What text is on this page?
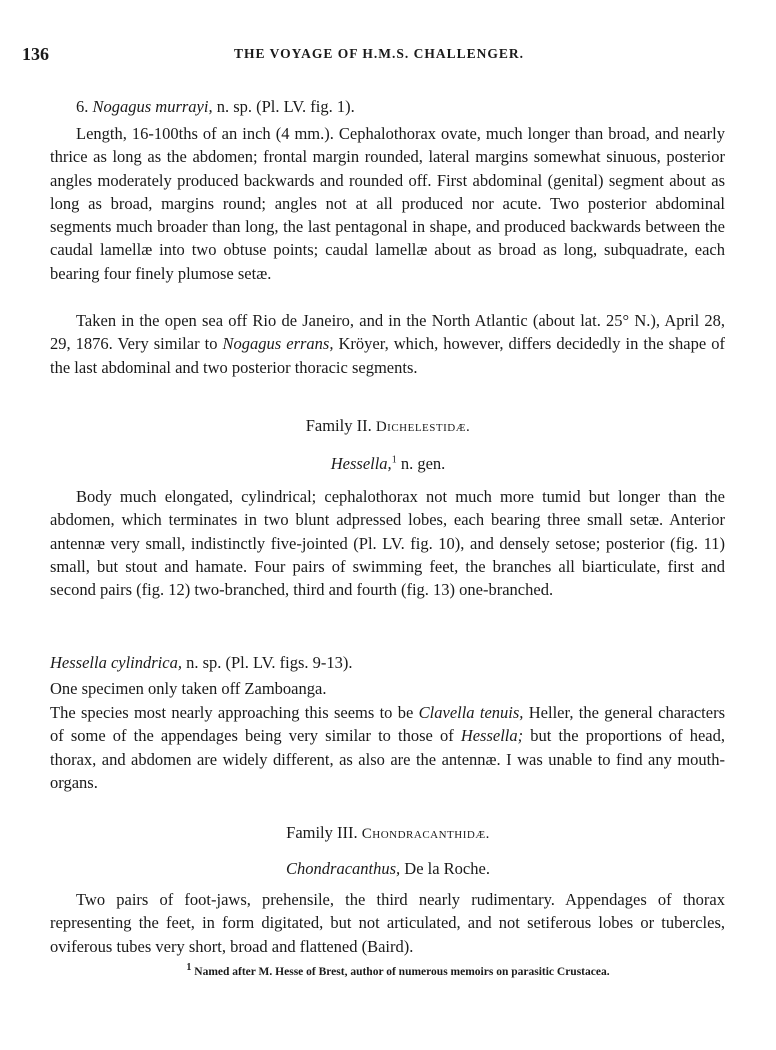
136	THE VOYAGE OF H.M.S. CHALLENGER.
6. Nogagus murrayi, n. sp. (Pl. LV. fig. 1).
Length, 16-100ths of an inch (4 mm.). Cephalothorax ovate, much longer than broad, and nearly thrice as long as the abdomen; frontal margin rounded, lateral margins somewhat sinuous, posterior angles moderately produced backwards and rounded off. First abdominal (genital) segment about as long as broad, margins round; angles not at all produced nor acute. Two posterior abdominal segments much broader than long, the last pentagonal in shape, and produced backwards between the caudal lamellæ into two obtuse points; caudal lamellæ about as broad as long, subquadrate, each bearing four finely plumose setæ.
Taken in the open sea off Rio de Janeiro, and in the North Atlantic (about lat. 25° N.), April 28, 29, 1876. Very similar to Nogagus errans, Kröyer, which, however, differs decidedly in the shape of the last abdominal and two posterior thoracic segments.
Family II. Dichelestidæ.
Hessella,$^1$ n. gen.
Body much elongated, cylindrical; cephalothorax not much more tumid but longer than the abdomen, which terminates in two blunt adpressed lobes, each bearing three small setæ. Anterior antennæ very small, indistinctly five-jointed (Pl. LV. fig. 10), and densely setose; posterior (fig. 11) small, but stout and hamate. Four pairs of swimming feet, the branches all biarticulate, first and second pairs (fig. 12) two-branched, third and fourth (fig. 13) one-branched.
Hessella cylindrica, n. sp. (Pl. LV. figs. 9-13).
One specimen only taken off Zamboanga.
The species most nearly approaching this seems to be Clavella tenuis, Heller, the general characters of some of the appendages being very similar to those of Hessella; but the proportions of head, thorax, and abdomen are widely different, as also are the antennæ. I was unable to find any mouth-organs.
Family III. Chondracanthidæ.
Chondracanthus, De la Roche.
Two pairs of foot-jaws, prehensile, the third nearly rudimentary. Appendages of thorax representing the feet, in form digitated, but not articulated, and not setiferous lobes or tubercles, oviferous tubes very short, broad and flattened (Baird).
$^1$ Named after M. Hesse of Brest, author of numerous memoirs on parasitic Crustacea.
